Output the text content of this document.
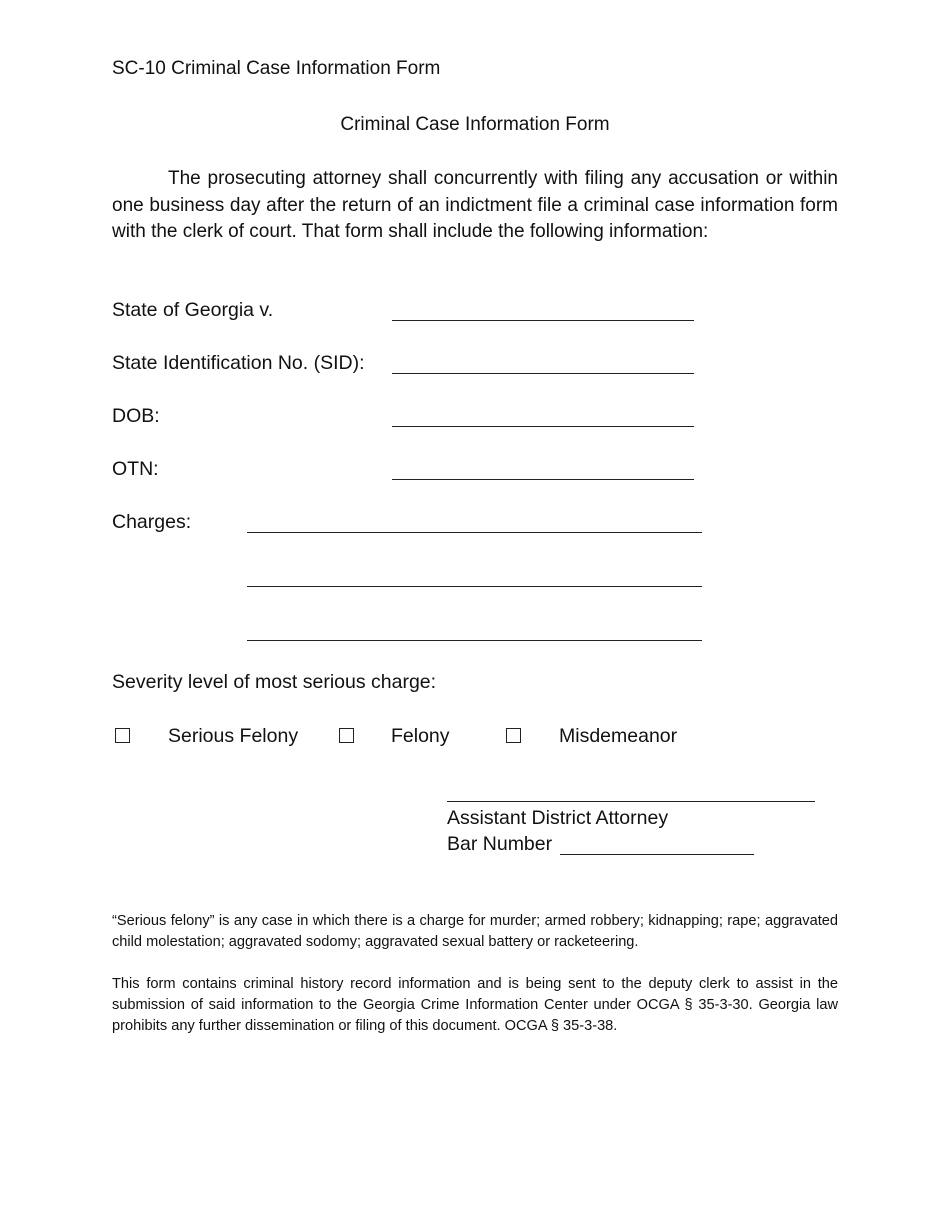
SC-10 Criminal Case Information Form
Criminal Case Information Form
The prosecuting attorney shall concurrently with filing any accusation or within one business day after the return of an indictment file a criminal case information form with the clerk of court. That form shall include the following information:
State of Georgia v.
State Identification No. (SID):
DOB:
OTN:
Charges:
Severity level of most serious charge:
Serious Felony	Felony	Misdemeanor
Assistant District Attorney
Bar Number
“Serious felony” is any case in which there is a charge for murder; armed robbery; kidnapping; rape; aggravated child molestation; aggravated sodomy; aggravated sexual battery or racketeering.
This form contains criminal history record information and is being sent to the deputy clerk to assist in the submission of said information to the Georgia Crime Information Center under OCGA § 35-3-30. Georgia law prohibits any further dissemination or filing of this document. OCGA § 35-3-38.
